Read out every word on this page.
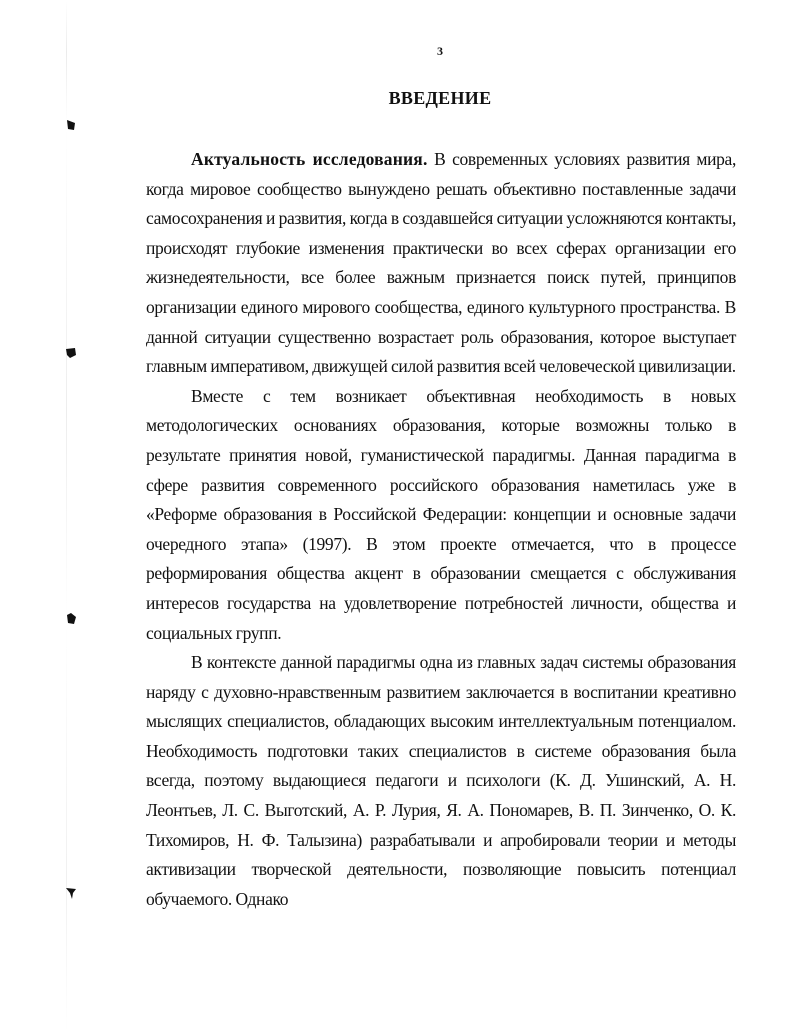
3
ВВЕДЕНИЕ

Актуальность исследования. В современных условиях развития мира, когда мировое сообщество вынуждено решать объективно поставленные задачи самосохранения и развития, когда в создавшейся ситуации усложняются контакты, происходят глубокие изменения практически во всех сферах организации его жизнедеятельности, все более важным признается поиск путей, принципов организации единого мирового сообщества, единого культурного пространства. В данной ситуации существенно возрастает роль образования, которое выступает главным императивом, движущей силой развития всей человеческой цивилизации.

Вместе с тем возникает объективная необходимость в новых методологических основаниях образования, которые возможны только в результате принятия новой, гуманистической парадигмы. Данная парадигма в сфере развития современного российского образования наметилась уже в «Реформе образования в Российской Федерации: концепции и основные задачи очередного этапа» (1997). В этом проекте отмечается, что в процессе реформирования общества акцент в образовании смещается с обслуживания интересов государства на удовлетворение потребностей личности, общества и социальных групп.

В контексте данной парадигмы одна из главных задач системы образования наряду с духовно-нравственным развитием заключается в воспитании креативно мыслящих специалистов, обладающих высоким интеллектуальным потенциалом. Необходимость подготовки таких специалистов в системе образования была всегда, поэтому выдающиеся педагоги и психологи (К. Д. Ушинский, А. Н. Леонтьев, Л. С. Выготский, А. Р. Лурия, Я. А. Пономарев, В. П. Зинченко, О. К. Тихомиров, Н. Ф. Талызина) разрабатывали и апробировали теории и методы активизации творческой деятельности, позволяющие повысить потенциал обучаемого. Однако
